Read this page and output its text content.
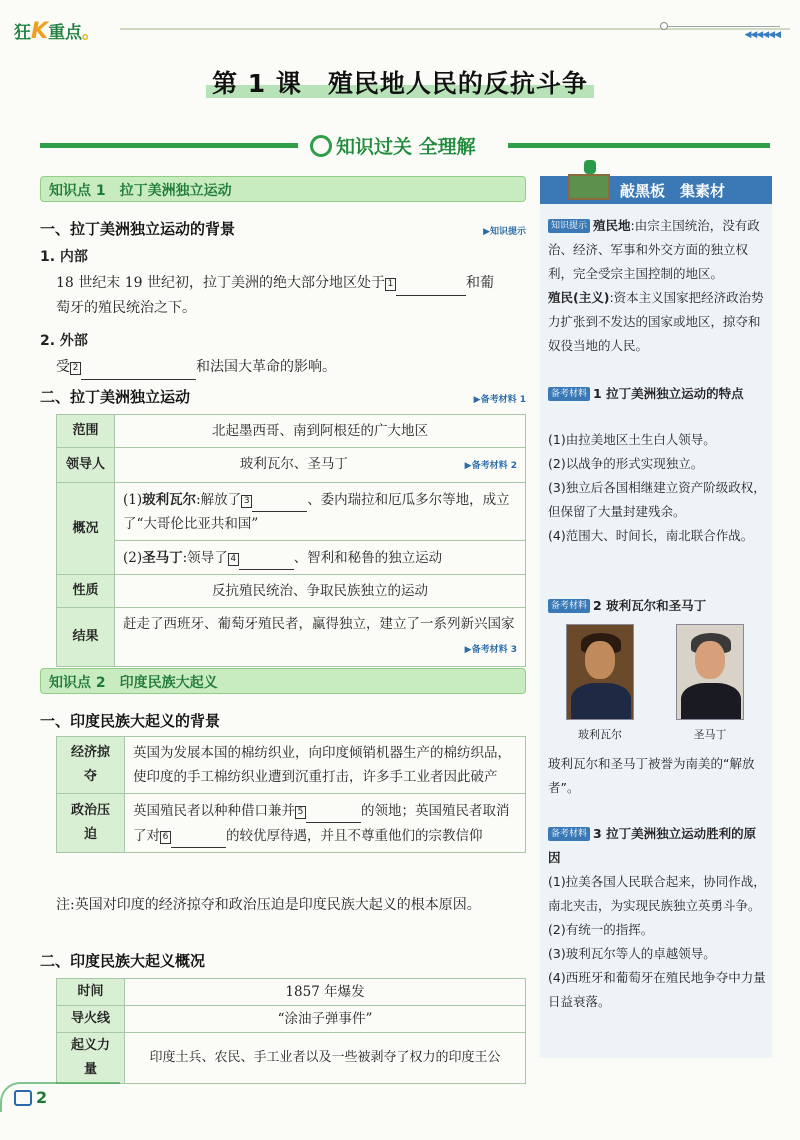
狂K重点。	◀◀◀◀◀◀
第 1 课　殖民地人民的反抗斗争
知识过关 全理解
知识点 1　拉丁美洲独立运动
一、拉丁美洲独立运动的背景	▶知识提示
1. 内部
18 世纪末 19 世纪初，拉丁美洲的绝大部分地区处于 1	和葡
萄牙的殖民统治之下。
2. 外部
受 2	和法国大革命的影响。
二、拉丁美洲独立运动	▶备考材料 1
范围	北起墨西哥、南到阿根廷的广大地区
领导人	玻利瓦尔、圣马丁 ▶备考材料 2

概况	(1)玻利瓦尔:解放了 3 、委内瑞拉和厄瓜多尔等地，成立了“大哥伦比亚共和国”
	(2)圣马丁:领导了 4 、智利和秘鲁的独立运动
性质	反抗殖民统治、争取民族独立的运动
结果	赶走了西班牙、葡萄牙殖民者，赢得独立，建立了一系列新兴国家
▶备考材料 3
知识点 2　印度民族大起义
一、印度民族大起义的背景
经济掠夺	英国为发展本国的棉纺织业，向印度倾销机器生产的棉纺织品，使印度的手工棉纺织业遭到沉重打击，许多手工业者因此破产
政治压迫	英国殖民者以种种借口兼并 5 的领地；英国殖民者取消了对 6 的较优厚待遇，并且不尊重他们的宗教信仰
注:英国对印度的经济掠夺和政治压迫是印度民族大起义的根本原因。
二、印度民族大起义概况
时间	1857 年爆发
导火线	“涂油子弹事件”
起义力量	印度土兵、农民、手工业者以及一些被剥夺了权力的印度王公
敲黑板　集素材
知识提示 殖民地:由宗主国统治，没有政治、经济、军事和外交方面的独立权利，完全受宗主国控制的地区。
殖民(主义):资本主义国家把经济政治势力扩张到不发达的国家或地区，掠夺和奴役当地的人民。
备考材料 1 拉丁美洲独立运动的特点
(1)由拉美地区土生白人领导。
(2)以战争的形式实现独立。
(3)独立后各国相继建立资产阶级政权，但保留了大量封建残余。
(4)范围大、时间长，南北联合作战。
备考材料 2 玻利瓦尔和圣马丁
玻利瓦尔	圣马丁
玻利瓦尔和圣马丁被誉为南美的“解放者”。
备考材料 3 拉丁美洲独立运动胜利的原因
(1)拉美各国人民联合起来，协同作战，南北夹击，为实现民族独立英勇斗争。
(2)有统一的指挥。
(3)玻利瓦尔等人的卓越领导。
(4)西班牙和葡萄牙在殖民地争夺中力量日益衰落。
2
